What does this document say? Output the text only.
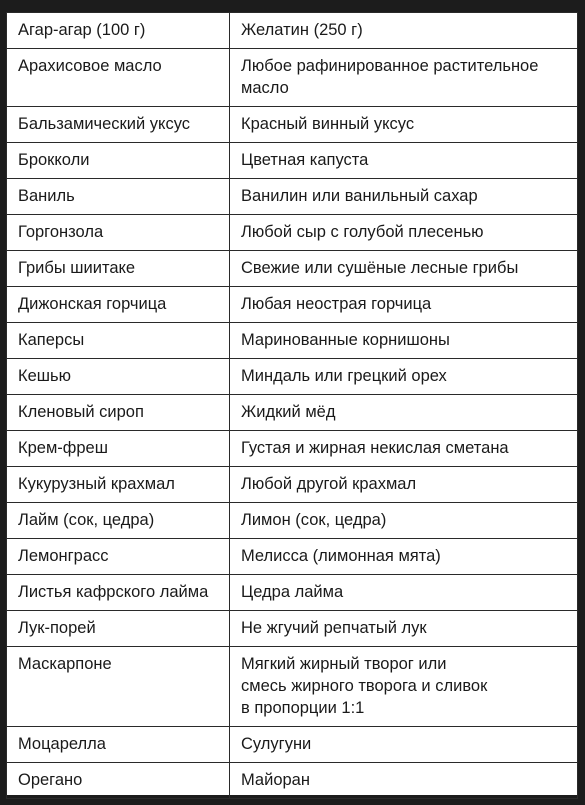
Агар-агар (100 г)	Желатин (250 г)
Арахисовое масло	Любое рафинированное растительное
масло
Бальзамический уксус	Красный винный уксус
Брокколи	Цветная капуста
Ваниль	Ванилин или ванильный сахар
Горгонзола	Любой сыр с голубой плесенью
Грибы шиитаке	Свежие или сушёные лесные грибы
Дижонская горчица	Любая неострая горчица
Каперсы	Маринованные корнишоны
Кешью	Миндаль или грецкий орех
Кленовый сироп	Жидкий мёд
Крем-фреш	Густая и жирная некислая сметана
Кукурузный крахмал	Любой другой крахмал
Лайм (сок, цедра)	Лимон (сок, цедра)
Лемонграсс	Мелисса (лимонная мята)
Листья кафрского лайма	Цедра лайма
Лук-порей	Не жгучий репчатый лук
Маскарпоне	Мягкий жирный творог или
смесь жирного творога и сливок
в пропорции 1:1
Моцарелла	Сулугуни
Орегано	Майоран
